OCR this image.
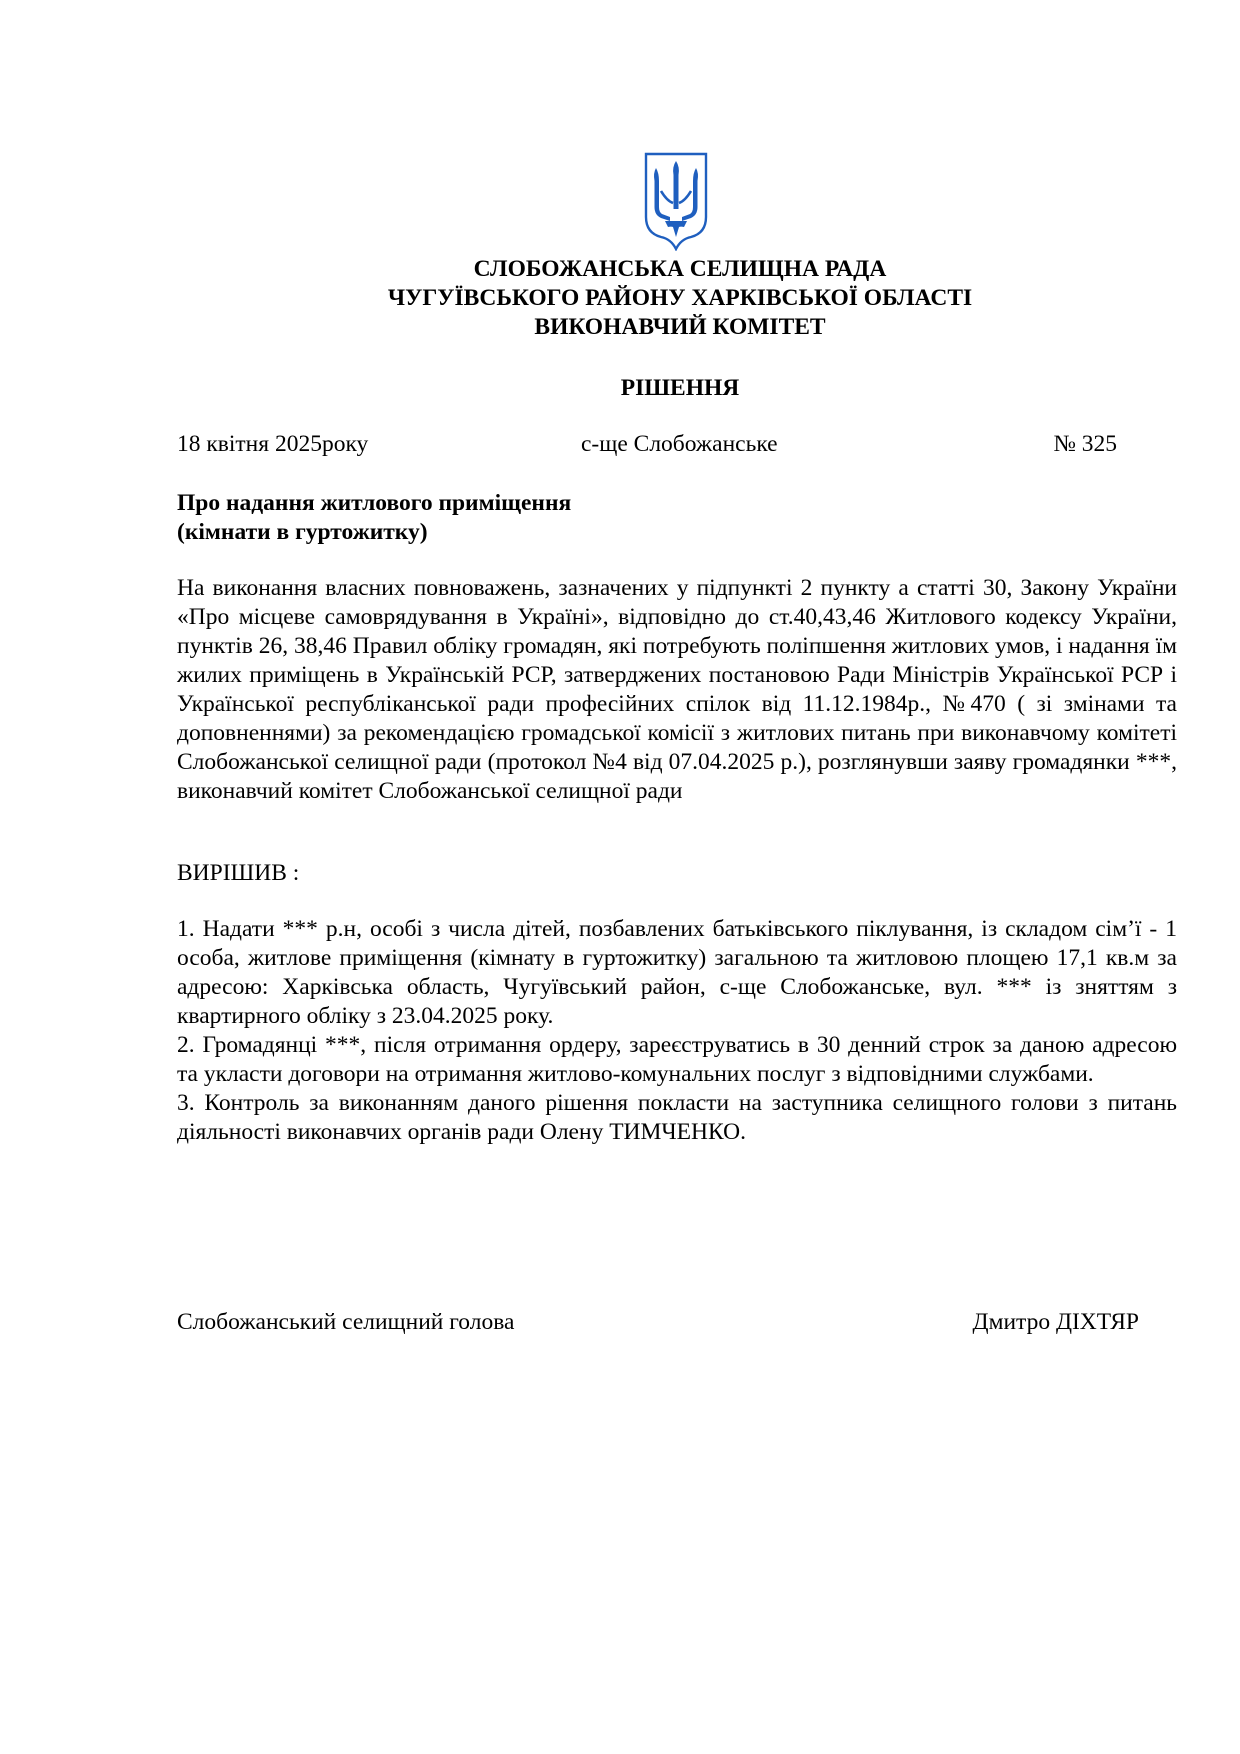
СЛОБОЖАНСЬКА СЕЛИЩНА РАДА
ЧУГУЇВСЬКОГО РАЙОНУ ХАРКІВСЬКОЇ ОБЛАСТІ
ВИКОНАВЧИЙ КОМІТЕТ
РІШЕННЯ
18 квітня 2025року	с-ще Слобожанське	№ 325
Про надання житлового приміщення
(кімнати в гуртожитку)
На виконання власних повноважень, зазначених у підпункті 2 пункту а статті 30, Закону України «Про місцеве самоврядування в Україні», відповідно до ст.40,43,46 Житлового кодексу України, пунктів 26, 38,46 Правил обліку громадян, які потребують поліпшення житлових умов, і надання їм жилих приміщень в Українській РСР, затверджених постановою Ради Міністрів Української РСР і Української республіканської ради професійних спілок від 11.12.1984р., №470 ( зі змінами та доповненнями) за рекомендацією громадської комісії з житлових питань при виконавчому комітеті Слобожанської селищної ради (протокол №4 від 07.04.2025 р.), розглянувши заяву громадянки ***, виконавчий комітет Слобожанської селищної ради
ВИРІШИВ :
1. Надати *** р.н, особі з числа дітей, позбавлених батьківського піклування, із складом сім’ї - 1 особа, житлове приміщення (кімнату в гуртожитку) загальною та житловою площею 17,1 кв.м за адресою: Харківська область, Чугуївський район, с-ще Слобожанське, вул. *** із зняттям з квартирного обліку з 23.04.2025 року.
2. Громадянці ***, після отримання ордеру, зареєструватись в 30 денний строк за даною адресою та укласти договори на отримання житлово-комунальних послуг з відповідними службами.
3. Контроль за виконанням даного рішення покласти на заступника селищного голови з питань діяльності виконавчих органів ради Олену ТИМЧЕНКО.
Слобожанський селищний голова	Дмитро ДІХТЯР
